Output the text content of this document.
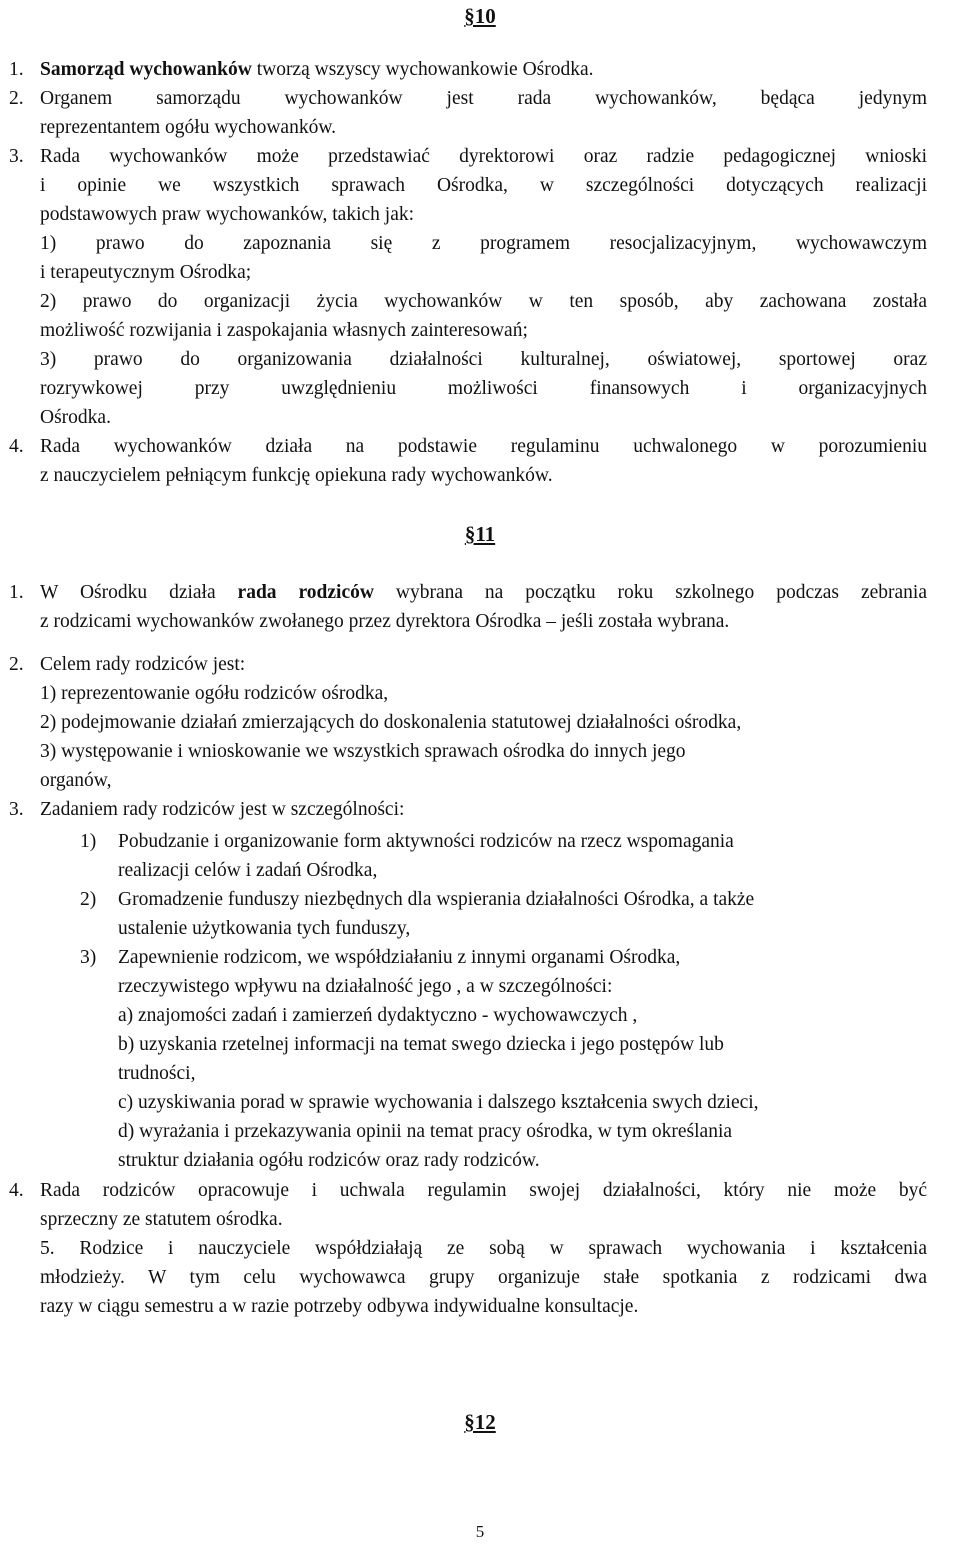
§10
1. Samorząd wychowanków tworzą wszyscy wychowankowie Ośrodka.
2. Organem samorządu wychowanków jest rada wychowanków, będąca jedynym
reprezentantem ogółu wychowanków.
3. Rada wychowanków może przedstawiać dyrektorowi oraz radzie pedagogicznej wnioski
i opinie we wszystkich sprawach Ośrodka, w szczególności dotyczących realizacji
podstawowych praw wychowanków, takich jak:
1) prawo do zapoznania się z programem resocjalizacyjnym, wychowawczym
i terapeutycznym Ośrodka;
2) prawo do organizacji życia wychowanków w ten sposób, aby zachowana została
możliwość rozwijania i zaspokajania własnych zainteresowań;
3) prawo do organizowania działalności kulturalnej, oświatowej, sportowej oraz
rozrywkowej przy uwzględnieniu możliwości finansowych i organizacyjnych
Ośrodka.
4. Rada wychowanków działa na podstawie regulaminu uchwalonego w porozumieniu
z nauczycielem pełniącym funkcję opiekuna rady wychowanków.
§11
1. W Ośrodku działa rada rodziców wybrana na początku roku szkolnego podczas zebrania
z rodzicami wychowanków zwołanego przez dyrektora Ośrodka – jeśli została wybrana.
2. Celem rady rodziców jest:
1) reprezentowanie ogółu rodziców ośrodka,
2) podejmowanie działań zmierzających do doskonalenia statutowej działalności ośrodka,
3) występowanie i wnioskowanie we wszystkich sprawach ośrodka do innych jego
organów,
3. Zadaniem rady rodziców jest w szczególności:
1) Pobudzanie i organizowanie form aktywności rodziców na rzecz wspomagania
realizacji celów i zadań Ośrodka,
2) Gromadzenie funduszy niezbędnych dla wspierania działalności Ośrodka, a także
ustalenie użytkowania tych funduszy,
3) Zapewnienie rodzicom, we współdziałaniu z innymi organami Ośrodka,
rzeczywistego wpływu na działalność jego , a w szczególności:
a) znajomości zadań i zamierzeń dydaktyczno - wychowawczych ,
b) uzyskania rzetelnej informacji na temat swego dziecka i jego postępów lub
trudności,
c) uzyskiwania porad w sprawie wychowania i dalszego kształcenia swych dzieci,
d) wyrażania i przekazywania opinii na temat pracy ośrodka, w tym określania
struktur działania ogółu rodziców oraz rady rodziców.
4. Rada rodziców opracowuje i uchwala regulamin swojej działalności, który nie może być
sprzeczny ze statutem ośrodka.
5. Rodzice i nauczyciele współdziałają ze sobą w sprawach wychowania i kształcenia
młodzieży. W tym celu wychowawca grupy organizuje stałe spotkania z rodzicami dwa
razy w ciągu semestru a w razie potrzeby odbywa indywidualne konsultacje.
§12
5
